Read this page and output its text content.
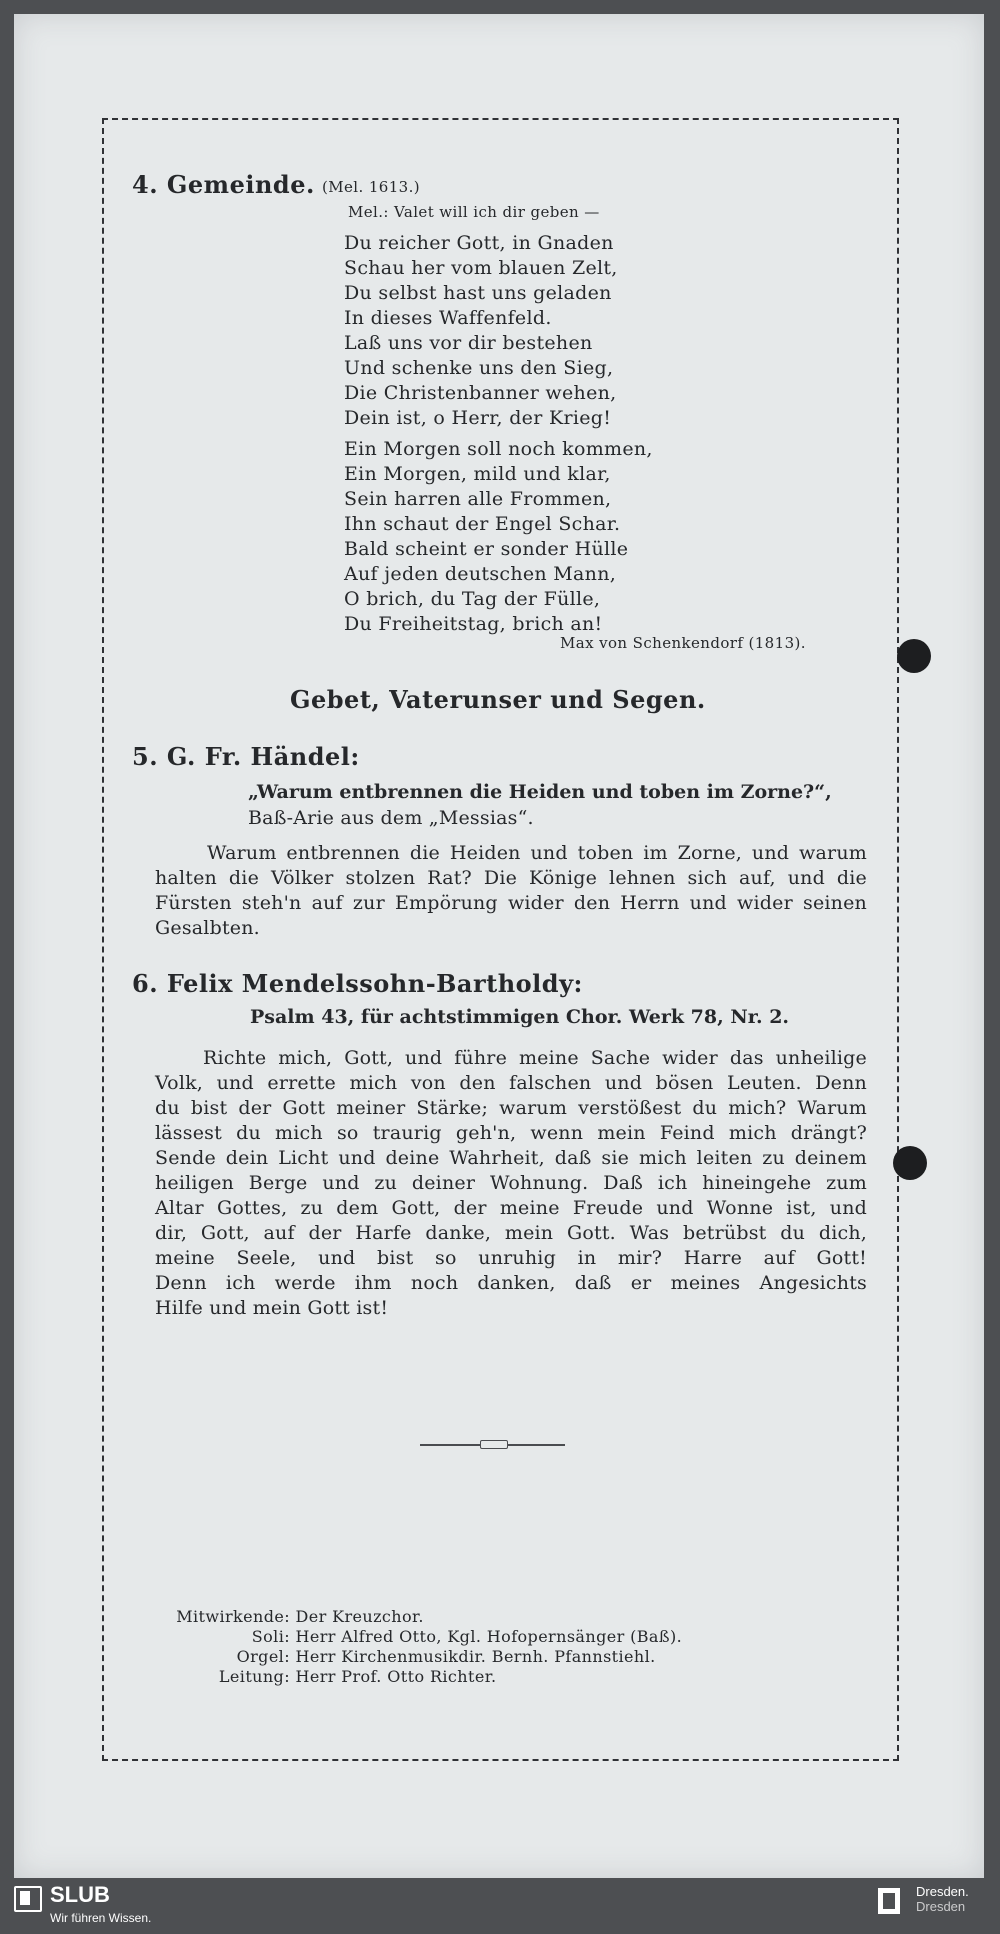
4. Gemeinde. (Mel. 1613.)
Mel.: Valet will ich dir geben —
Du reicher Gott, in Gnaden
Schau her vom blauen Zelt,
Du selbst hast uns geladen
In dieses Waffenfeld.
Laß uns vor dir bestehen
Und schenke uns den Sieg,
Die Christenbanner wehen,
Dein ist, o Herr, der Krieg!
Ein Morgen soll noch kommen,
Ein Morgen, mild und klar,
Sein harren alle Frommen,
Ihn schaut der Engel Schar.
Bald scheint er sonder Hülle
Auf jeden deutschen Mann,
O brich, du Tag der Fülle,
Du Freiheitstag, brich an!
Max von Schenkendorf (1813).
Gebet, Vaterunser und Segen.
5. G. Fr. Händel:
„Warum entbrennen die Heiden und toben im Zorne?“,
Baß-Arie aus dem „Messias“.
Warum entbrennen die Heiden und toben im Zorne, und warum
halten die Völker stolzen Rat? Die Könige lehnen sich auf, und die
Fürsten steh'n auf zur Empörung wider den Herrn und wider seinen
Gesalbten.
6. Felix Mendelssohn-Bartholdy:
Psalm 43, für achtstimmigen Chor. Werk 78, Nr. 2.
Richte mich, Gott, und führe meine Sache wider das unheilige
Volk, und errette mich von den falschen und bösen Leuten. Denn
du bist der Gott meiner Stärke; warum verstößest du mich? Warum
lässest du mich so traurig geh'n, wenn mein Feind mich drängt?
Sende dein Licht und deine Wahrheit, daß sie mich leiten zu deinem
heiligen Berge und zu deiner Wohnung. Daß ich hineingehe zum
Altar Gottes, zu dem Gott, der meine Freude und Wonne ist, und
dir, Gott, auf der Harfe danke, mein Gott. Was betrübst du dich,
meine Seele, und bist so unruhig in mir? Harre auf Gott!
Denn ich werde ihm noch danken, daß er meines Angesichts
Hilfe und mein Gott ist!
Mitwirkende: Der Kreuzchor.
Soli: Herr Alfred Otto, Kgl. Hofopernsänger (Baß).
Orgel: Herr Kirchenmusikdir. Bernh. Pfannstiehl.
Leitung: Herr Prof. Otto Richter.
SLUB
Wir führen Wissen.
Dresden.
Dresden
